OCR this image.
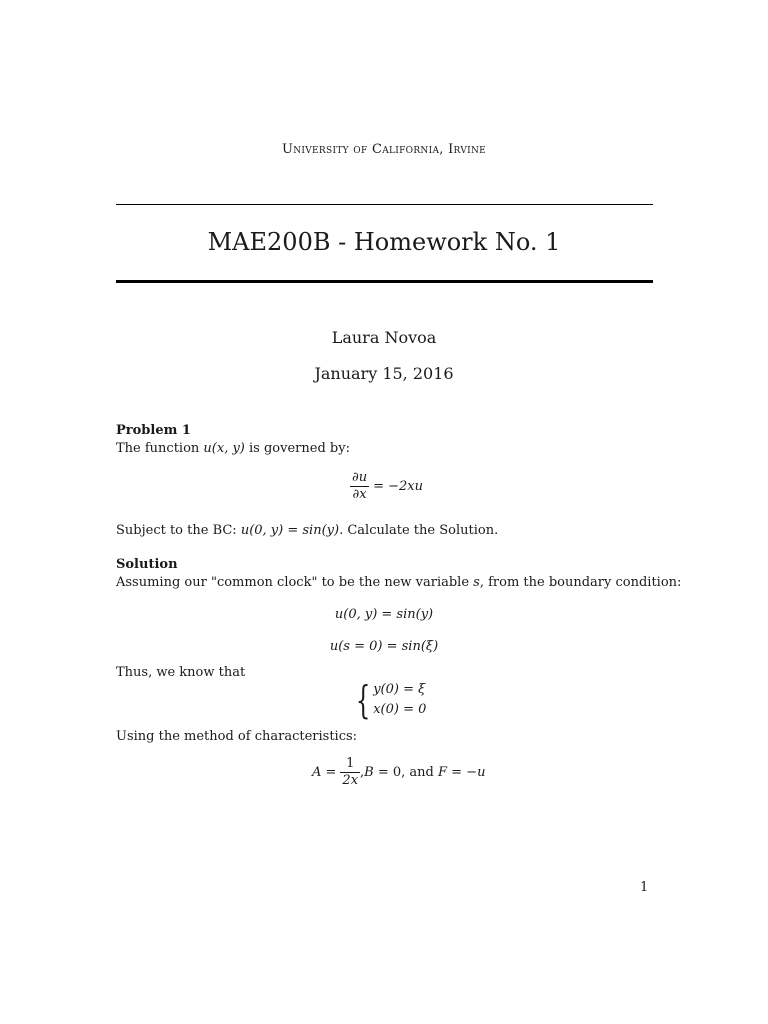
University of California, Irvine
MAE200B - Homework No. 1
Laura Novoa
January 15, 2016
Problem 1
The function u(x, y) is governed by:
$\frac{\partial u}{\partial x} = -2xu$
Subject to the BC: u(0, y) = sin(y). Calculate the Solution.
Solution
Assuming our "common clock" to be the new variable s, from the boundary condition:
u(0, y) = sin(y)
u(s = 0) = sin(ξ)
Thus, we know that
{ y(0) = ξ
x(0) = 0
Using the method of characteristics:
$A = \frac{1}{2x}$ , B = 0, and F = −u
1
